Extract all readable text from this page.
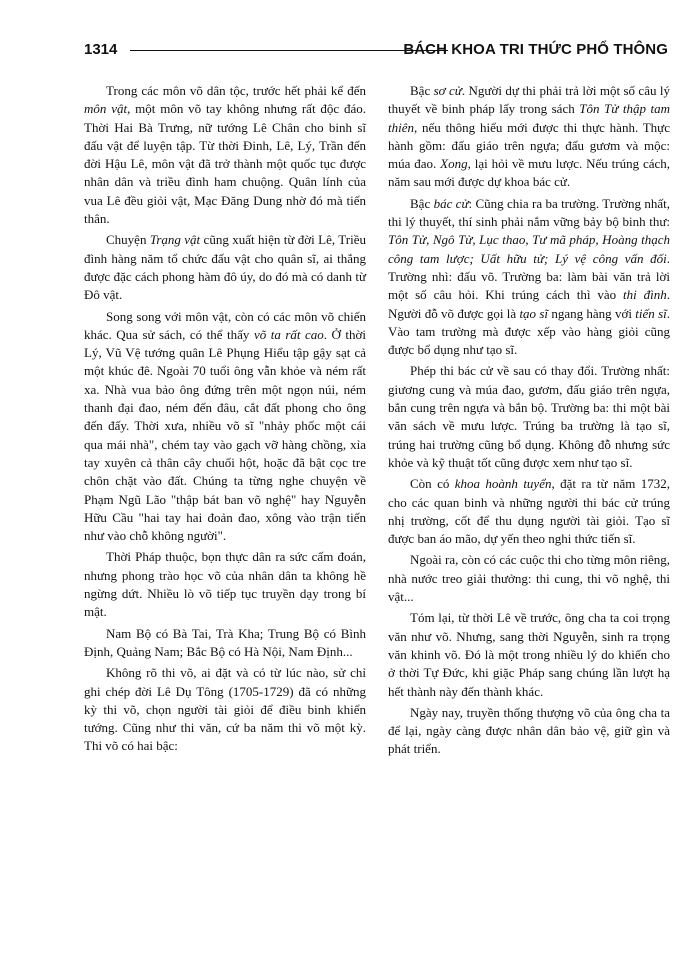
1314	BÁCH KHOA TRI THỨC PHỔ THÔNG

Trong các môn võ dân tộc, trước hết phải kể đến môn vật, một môn võ tay không nhưng rất độc đáo. Thời Hai Bà Trưng, nữ tướng Lê Chân cho binh sĩ đấu vật để luyện tập. Từ thời Đinh, Lê, Lý, Trần đến đời Hậu Lê, môn vật đã trở thành một quốc tục được nhân dân và triều đình ham chuộng. Quân lính của vua Lê đều giỏi vật, Mạc Đăng Dung nhờ đó mà tiến thân.

Chuyện Trạng vật cũng xuất hiện từ đời Lê, Triều đình hàng năm tổ chức đấu vật cho quân sĩ, ai thắng được đặc cách phong hàm đô úy, do đó mà có danh từ Đô vật.

Song song với môn vật, còn có các môn võ chiến khác. Qua sử sách, có thể thấy võ ta rất cao. Ở thời Lý, Vũ Vệ tướng quân Lê Phụng Hiểu tập gậy sạt cả một khúc đê. Ngoài 70 tuổi ông vẫn khỏe và ném rất xa. Nhà vua bảo ông đứng trên một ngọn núi, ném thanh đại đao, ném đến đâu, cắt đất phong cho ông đến đấy. Thời xưa, nhiều võ sĩ "nhảy phốc một cái qua mái nhà", chém tay vào gạch vỡ hàng chồng, xỉa tay xuyên cả thân cây chuối hột, hoặc đã bật cọc tre chôn chặt vào đất. Chúng ta từng nghe chuyện về Phạm Ngũ Lão "thập bát ban võ nghệ" hay Nguyễn Hữu Cầu "hai tay hai đoản đao, xông vào trận tiến như vào chỗ không người".

Thời Pháp thuộc, bọn thực dân ra sức cấm đoán, nhưng phong trào học võ của nhân dân ta không hề ngừng dứt. Nhiều lò võ tiếp tục truyền dạy trong bí mật.

Nam Bộ có Bà Tai, Trà Kha; Trung Bộ có Bình Định, Quảng Nam; Bắc Bộ có Hà Nội, Nam Định...

Không rõ thi võ, ai đặt và có từ lúc nào, sử chỉ ghi chép đời Lê Dụ Tông (1705-1729) đã có những kỳ thi võ, chọn người tài giỏi để điều binh khiển tướng. Cũng như thi văn, cứ ba năm thi võ một kỳ. Thi võ có hai bậc:

Bậc sơ cử. Người dự thi phải trả lời một số câu lý thuyết về binh pháp lấy trong sách Tôn Tử thập tam thiên, nếu thông hiểu mới được thi thực hành. Thực hành gồm: đấu giáo trên ngựa; đấu gươm và mộc: múa đao. Xong, lại hỏi về mưu lược. Nếu trúng cách, năm sau mới được dự khoa bác cử.

Bậc bác cử: Cũng chia ra ba trường. Trường nhất, thi lý thuyết, thí sinh phải nắm vững bảy bộ binh thư: Tôn Tử, Ngô Tử, Lục thao, Tư mã pháp, Hoàng thạch công tam lược; Uất hữu tử; Lý vệ công vấn đối. Trường nhì: đấu võ. Trường ba: làm bài văn trả lời một số câu hỏi. Khi trúng cách thì vào thi đình. Người đỗ võ được gọi là tạo sĩ ngang hàng với tiến sĩ. Vào tam trường mà được xếp vào hàng giỏi cũng được bổ dụng như tạo sĩ.

Phép thi bác cử về sau có thay đổi. Trường nhất: giương cung và múa đao, gươm, đấu giáo trên ngựa, bắn cung trên ngựa và bắn bộ. Trường ba: thi một bài văn sách về mưu lược. Trúng ba trường là tạo sĩ, trúng hai trường cũng bổ dụng. Không đỗ nhưng sức khỏe và kỹ thuật tốt cũng được xem như tạo sĩ.

Còn có khoa hoành tuyển, đặt ra từ năm 1732, cho các quan binh và những người thi bác cử trúng nhị trường, cốt để thu dụng người tài giỏi. Tạo sĩ được ban áo mão, dự yến theo nghi thức tiến sĩ.

Ngoài ra, còn có các cuộc thi cho từng môn riêng, nhà nước treo giải thưởng: thi cung, thi võ nghệ, thi vật...

Tóm lại, từ thời Lê về trước, ông cha ta coi trọng văn như võ. Nhưng, sang thời Nguyễn, sinh ra trọng văn khinh võ. Đó là một trong nhiều lý do khiến cho ở thời Tự Đức, khi giặc Pháp sang chúng lần lượt hạ hết thành này đến thành khác.

Ngày nay, truyền thống thượng võ của ông cha ta để lại, ngày càng được nhân dân bảo vệ, giữ gìn và phát triển.
